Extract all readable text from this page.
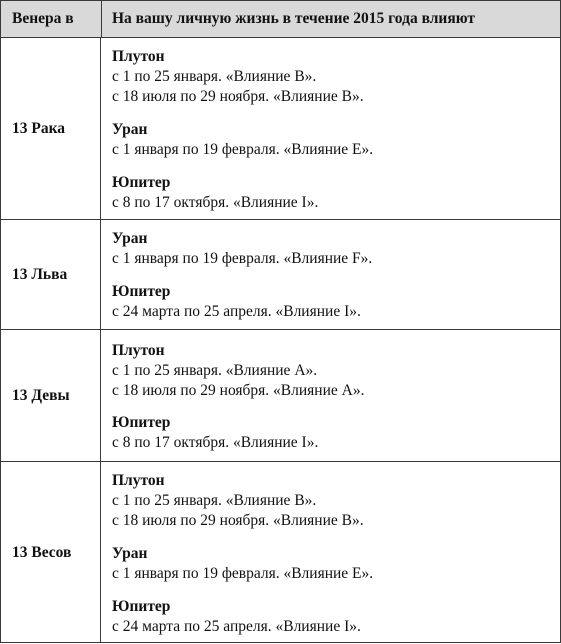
Венера в	На вашу личную жизнь в течение 2015 года влияют
13 Рака
Плутон
с 1 по 25 января. «Влияние В».
с 18 июля по 29 ноября. «Влияние В».
Уран
с 1 января по 19 февраля. «Влияние E».
Юпитер
с 8 по 17 октября. «Влияние I».
13 Льва
Уран
с 1 января по 19 февраля. «Влияние F».
Юпитер
с 24 марта по 25 апреля. «Влияние I».
13 Девы
Плутон
с 1 по 25 января. «Влияние A».
с 18 июля по 29 ноября. «Влияние A».
Юпитер
с 8 по 17 октября. «Влияние I».
13 Весов
Плутон
с 1 по 25 января. «Влияние B».
с 18 июля по 29 ноября. «Влияние B».
Уран
с 1 января по 19 февраля. «Влияние E».
Юпитер
с 24 марта по 25 апреля. «Влияние I».
